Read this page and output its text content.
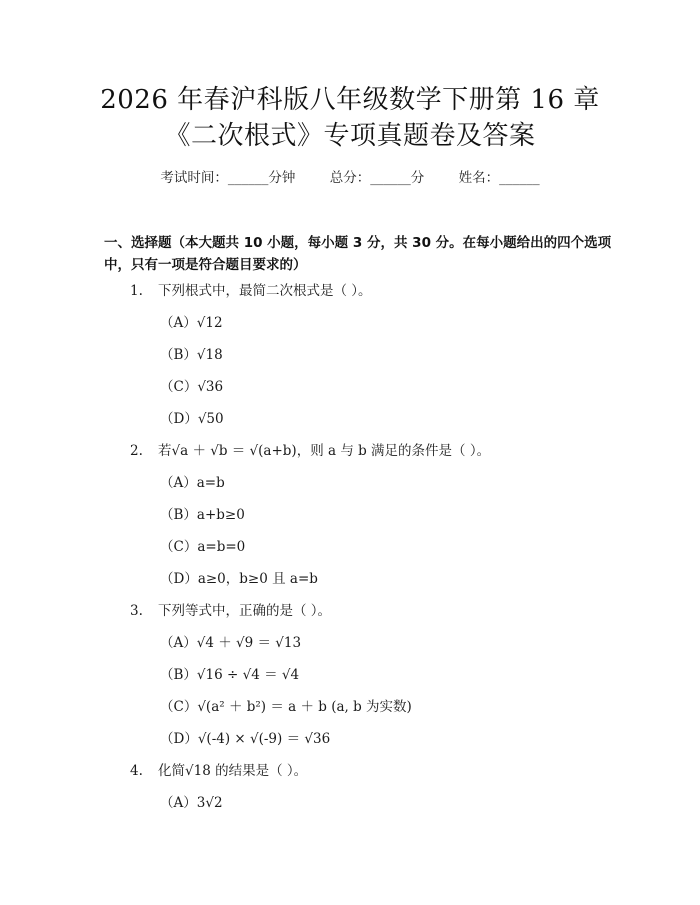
2026 年春沪科版八年级数学下册第 16 章
《二次根式》专项真题卷及答案
考试时间：______分钟	总分：______分	姓名：______
一、选择题（本大题共 10 小题，每小题 3 分，共 30 分。在每小题给出的四个选项中，只有一项是符合题目要求的）
1. 下列根式中，最简二次根式是（ ）。
（A）√12
（B）√18
（C）√36
（D）√50
2. 若√a ＋ √b ＝ √(a+b)，则 a 与 b 满足的条件是（ ）。
（A）a=b
（B）a+b≥0
（C）a=b=0
（D）a≥0，b≥0 且 a=b
3. 下列等式中，正确的是（ ）。
（A）√4 ＋ √9 ＝ √13
（B）√16 ÷ √4 ＝ √4
（C）√(a² ＋ b²) ＝ a ＋ b (a, b 为实数)
（D）√(-4) × √(-9) ＝ √36
4. 化简√18 的结果是（ ）。
（A）3√2
